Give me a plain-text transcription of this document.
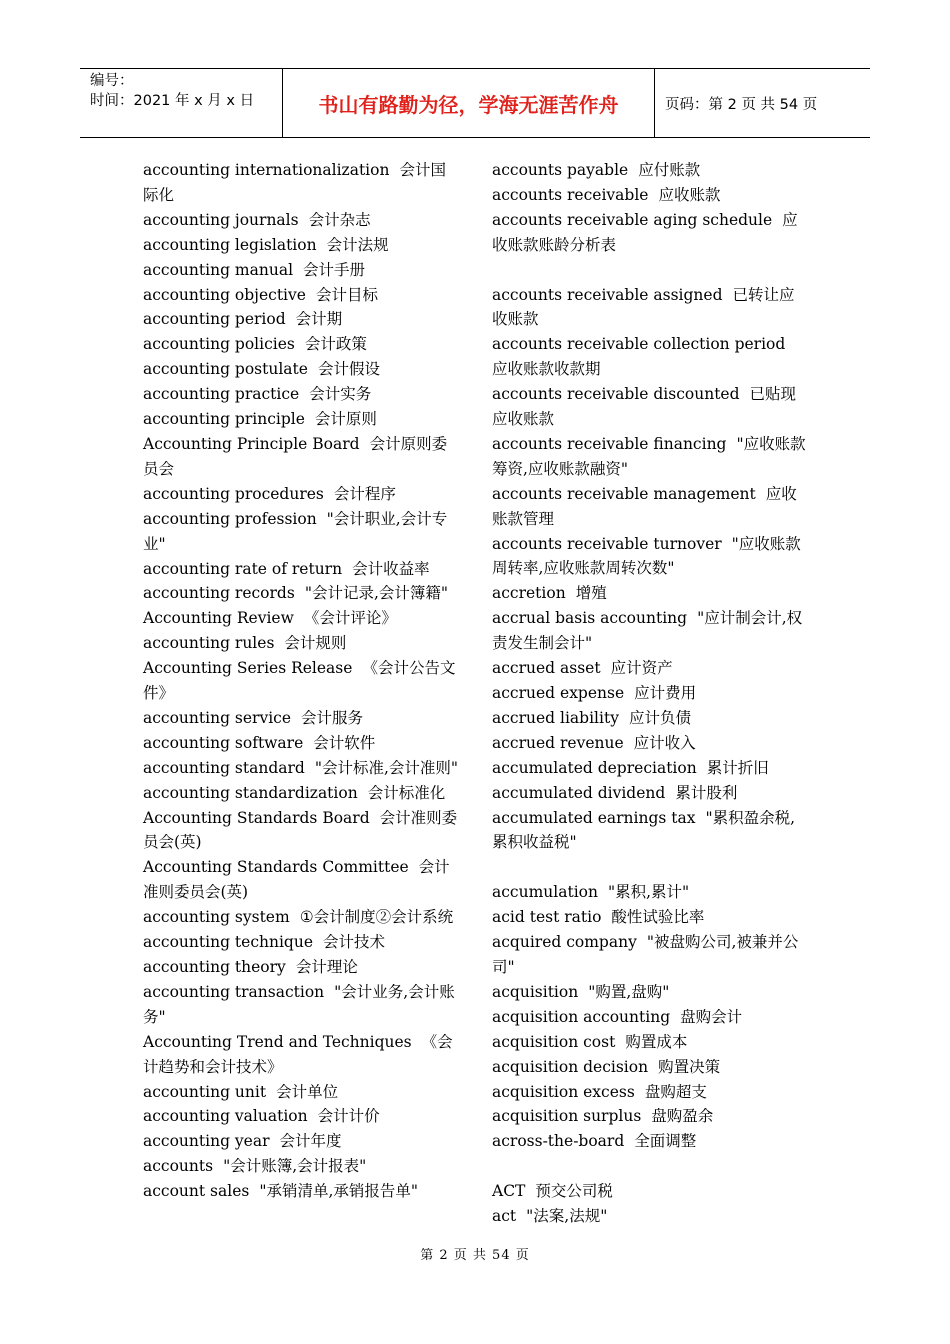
编号：
时间：2021 年 x 月 x 日	书山有路勤为径，学海无涯苦作舟	页码：第 2 页 共 54 页
accounting internationalization 会计国际化
accounting journals 会计杂志
accounting legislation 会计法规
accounting manual 会计手册
accounting objective 会计目标
accounting period 会计期
accounting policies 会计政策
accounting postulate 会计假设
accounting practice 会计实务
accounting principle 会计原则
Accounting Principle Board 会计原则委员会
accounting procedures 会计程序
accounting profession "会计职业,会计专业"
accounting rate of return 会计收益率
accounting records "会计记录,会计簿籍"
Accounting Review 《会计评论》
accounting rules 会计规则
Accounting Series Release 《会计公告文件》
accounting service 会计服务
accounting software 会计软件
accounting standard "会计标准,会计准则"
accounting standardization 会计标准化
Accounting Standards Board 会计准则委员会(英)
Accounting Standards Committee 会计准则委员会(英)
accounting system ①会计制度②会计系统
accounting technique 会计技术
accounting theory 会计理论
accounting transaction "会计业务,会计账务"
Accounting Trend and Techniques 《会计趋势和会计技术》
accounting unit 会计单位
accounting valuation 会计计价
accounting year 会计年度
accounts "会计账簿,会计报表"
account sales "承销清单,承销报告单"
accounts payable 应付账款
accounts receivable 应收账款
accounts receivable aging schedule 应收账款账龄分析表
accounts receivable assigned 已转让应收账款
accounts receivable collection period应收账款收款期
accounts receivable discounted 已贴现应收账款
accounts receivable financing "应收账款筹资,应收账款融资"
accounts receivable management 应收账款管理
accounts receivable turnover "应收账款周转率,应收账款周转次数"
accretion 增殖
accrual basis accounting "应计制会计,权责发生制会计"
accrued asset 应计资产
accrued expense 应计费用
accrued liability 应计负债
accrued revenue 应计收入
accumulated depreciation 累计折旧
accumulated dividend 累计股利
accumulated earnings tax "累积盈余税,累积收益税"
accumulation "累积,累计"
acid test ratio 酸性试验比率
acquired company "被盘购公司,被兼并公司"
acquisition "购置,盘购"
acquisition accounting 盘购会计
acquisition cost 购置成本
acquisition decision 购置决策
acquisition excess 盘购超支
acquisition surplus 盘购盈余
across-the-board 全面调整
ACT 预交公司税
act "法案,法规"
第 2 页 共 54 页
